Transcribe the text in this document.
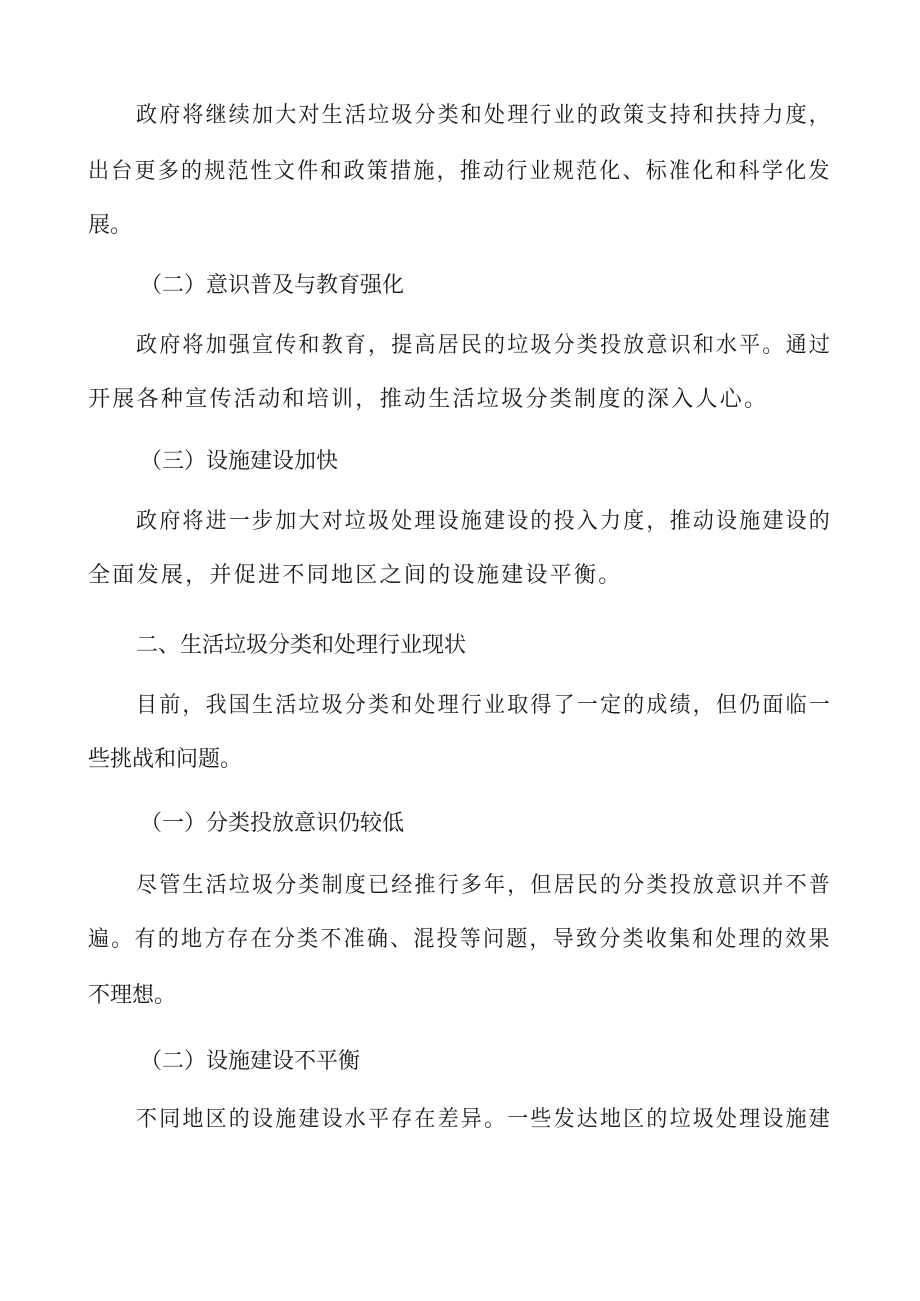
政府将继续加大对生活垃圾分类和处理行业的政策支持和扶持力度，
出台更多的规范性文件和政策措施，推动行业规范化、标准化和科学化发
展。
（二）意识普及与教育强化
政府将加强宣传和教育，提高居民的垃圾分类投放意识和水平。通过
开展各种宣传活动和培训，推动生活垃圾分类制度的深入人心。
（三）设施建设加快
政府将进一步加大对垃圾处理设施建设的投入力度，推动设施建设的
全面发展，并促进不同地区之间的设施建设平衡。
二、生活垃圾分类和处理行业现状
目前，我国生活垃圾分类和处理行业取得了一定的成绩，但仍面临一
些挑战和问题。
（一）分类投放意识仍较低
尽管生活垃圾分类制度已经推行多年，但居民的分类投放意识并不普
遍。有的地方存在分类不准确、混投等问题，导致分类收集和处理的效果
不理想。
（二）设施建设不平衡
不同地区的设施建设水平存在差异。一些发达地区的垃圾处理设施建
